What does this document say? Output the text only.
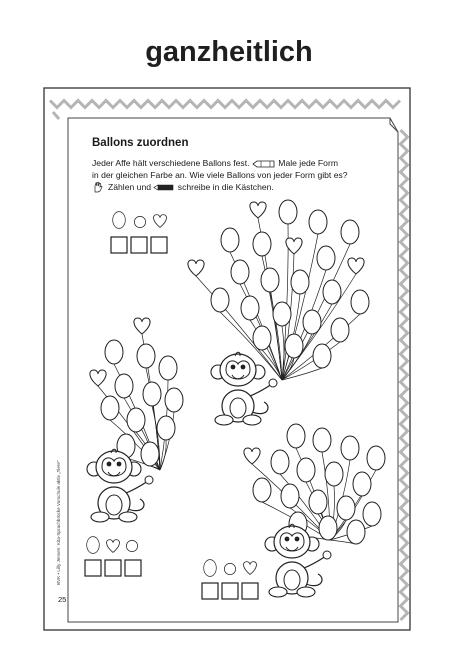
ganzheitlich
Ballons zuordnen
Jeder Affe hält verschiedene Ballons fest.	Male jede Form
in der gleichen Farbe an. Wie viele Ballons von jeder Form gibt es?
Zählen und	schreibe in die Kästchen.
25
BVK • Lilly Jensen: Kita-Sprachbrücke Vorschule aktiv „Tiere“
